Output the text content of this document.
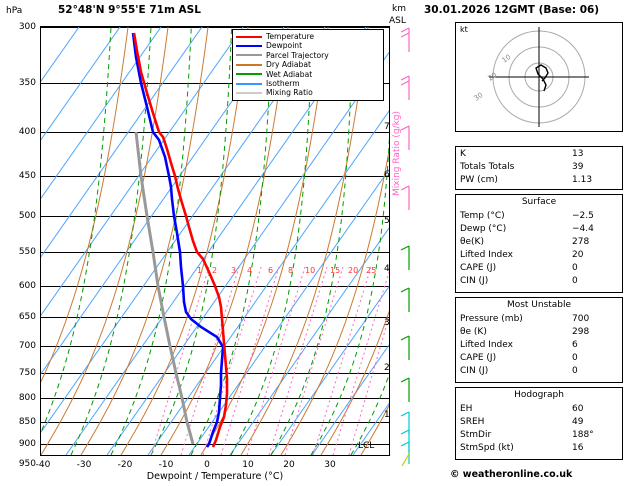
hPa	52°48'N 9°55'E 71m ASL
Temperature
Dewpoint
Parcel Trajectory
Dry Adiabat
Wet Adiabat
Isotherm
Mixing Ratio
300
350
400
450
500
550
600
650
700
750
800
850
900
950 -40	-30	-20	-10	0	10	20	30
Dewpoint / Temperature (°C)
km
ASL
1
2
3
4
5
6
7
LCL
Mixing Ratio (g/kg)
1 2 3 4 6 8 10 15 20 25
30.01.2026 12GMT (Base: 06)
10
20
30
kt
K	13
Totals Totals	39
PW (cm)	1.13
Surface
Temp (°C)	−2.5
Dewp (°C)	−4.4
θe(K)	278
Lifted Index	20
CAPE (J)	0
CIN (J)	0
Most Unstable
Pressure (mb)	700
θe (K)	298
Lifted Index	6
CAPE (J)	0
CIN (J)	0
Hodograph
EH	60
SREH	49
StmDir	188°
StmSpd (kt)	16
© weatheronline.co.uk
